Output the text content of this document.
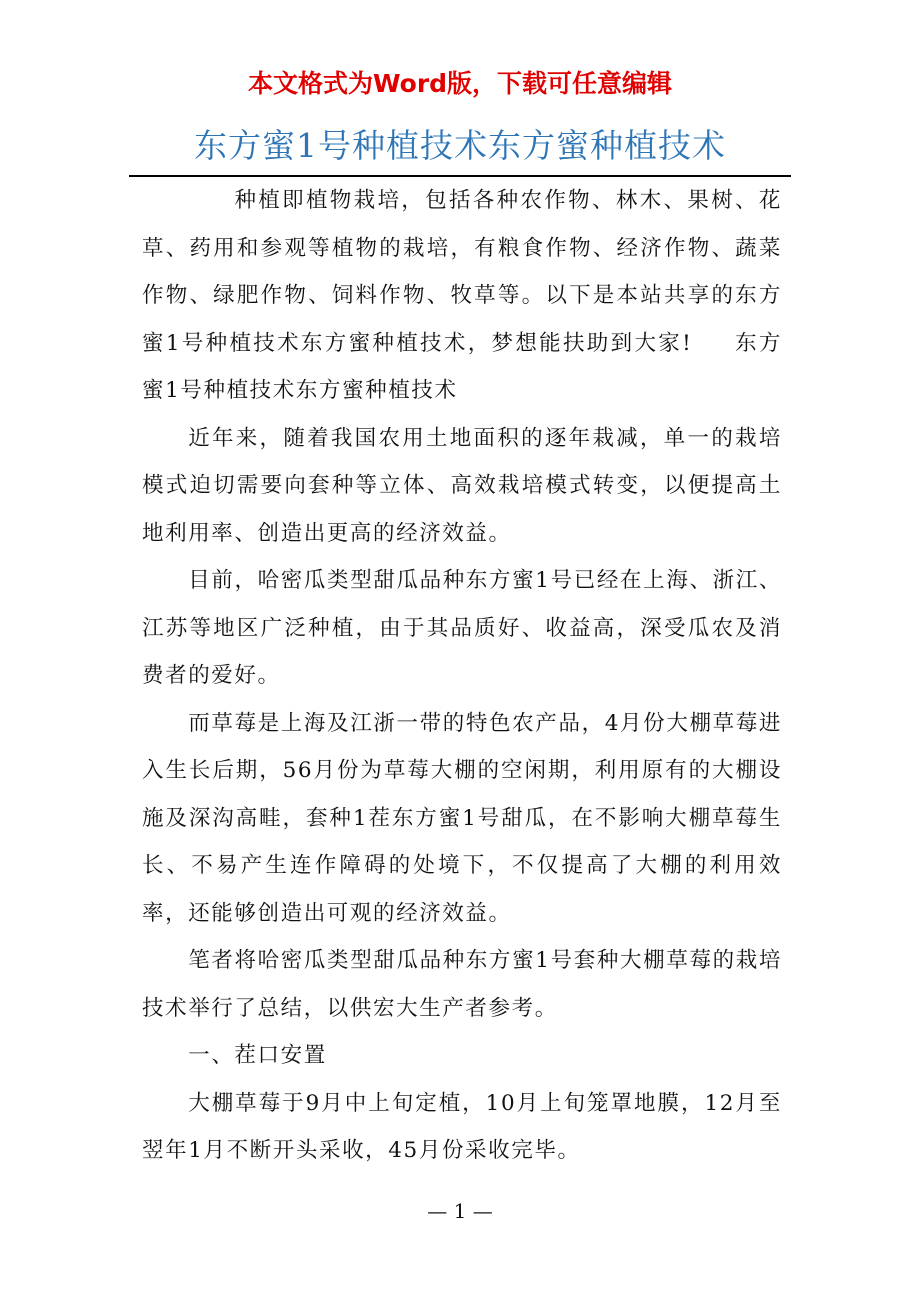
本文格式为Word版，下载可任意编辑
东方蜜1号种植技术东方蜜种植技术

种植即植物栽培，包括各种农作物、林木、果树、花草、药用和参观等植物的栽培，有粮食作物、经济作物、蔬菜作物、绿肥作物、饲料作物、牧草等。以下是本站共享的东方蜜1号种植技术东方蜜种植技术，梦想能扶助到大家! 东方蜜1号种植技术东方蜜种植技术

近年来，随着我国农用土地面积的逐年栽减，单一的栽培模式迫切需要向套种等立体、高效栽培模式转变，以便提高土地利用率、创造出更高的经济效益。

目前，哈密瓜类型甜瓜品种东方蜜1号已经在上海、浙江、江苏等地区广泛种植，由于其品质好、收益高，深受瓜农及消费者的爱好。

而草莓是上海及江浙一带的特色农产品，4月份大棚草莓进入生长后期，56月份为草莓大棚的空闲期，利用原有的大棚设施及深沟高畦，套种1茬东方蜜1号甜瓜，在不影响大棚草莓生长、不易产生连作障碍的处境下，不仅提高了大棚的利用效率，还能够创造出可观的经济效益。

笔者将哈密瓜类型甜瓜品种东方蜜1号套种大棚草莓的栽培技术举行了总结，以供宏大生产者参考。

一、茬口安置

大棚草莓于9月中上旬定植，10月上旬笼罩地膜，12月至翌年1月不断开头采收，45月份采收完毕。

— 1 —
